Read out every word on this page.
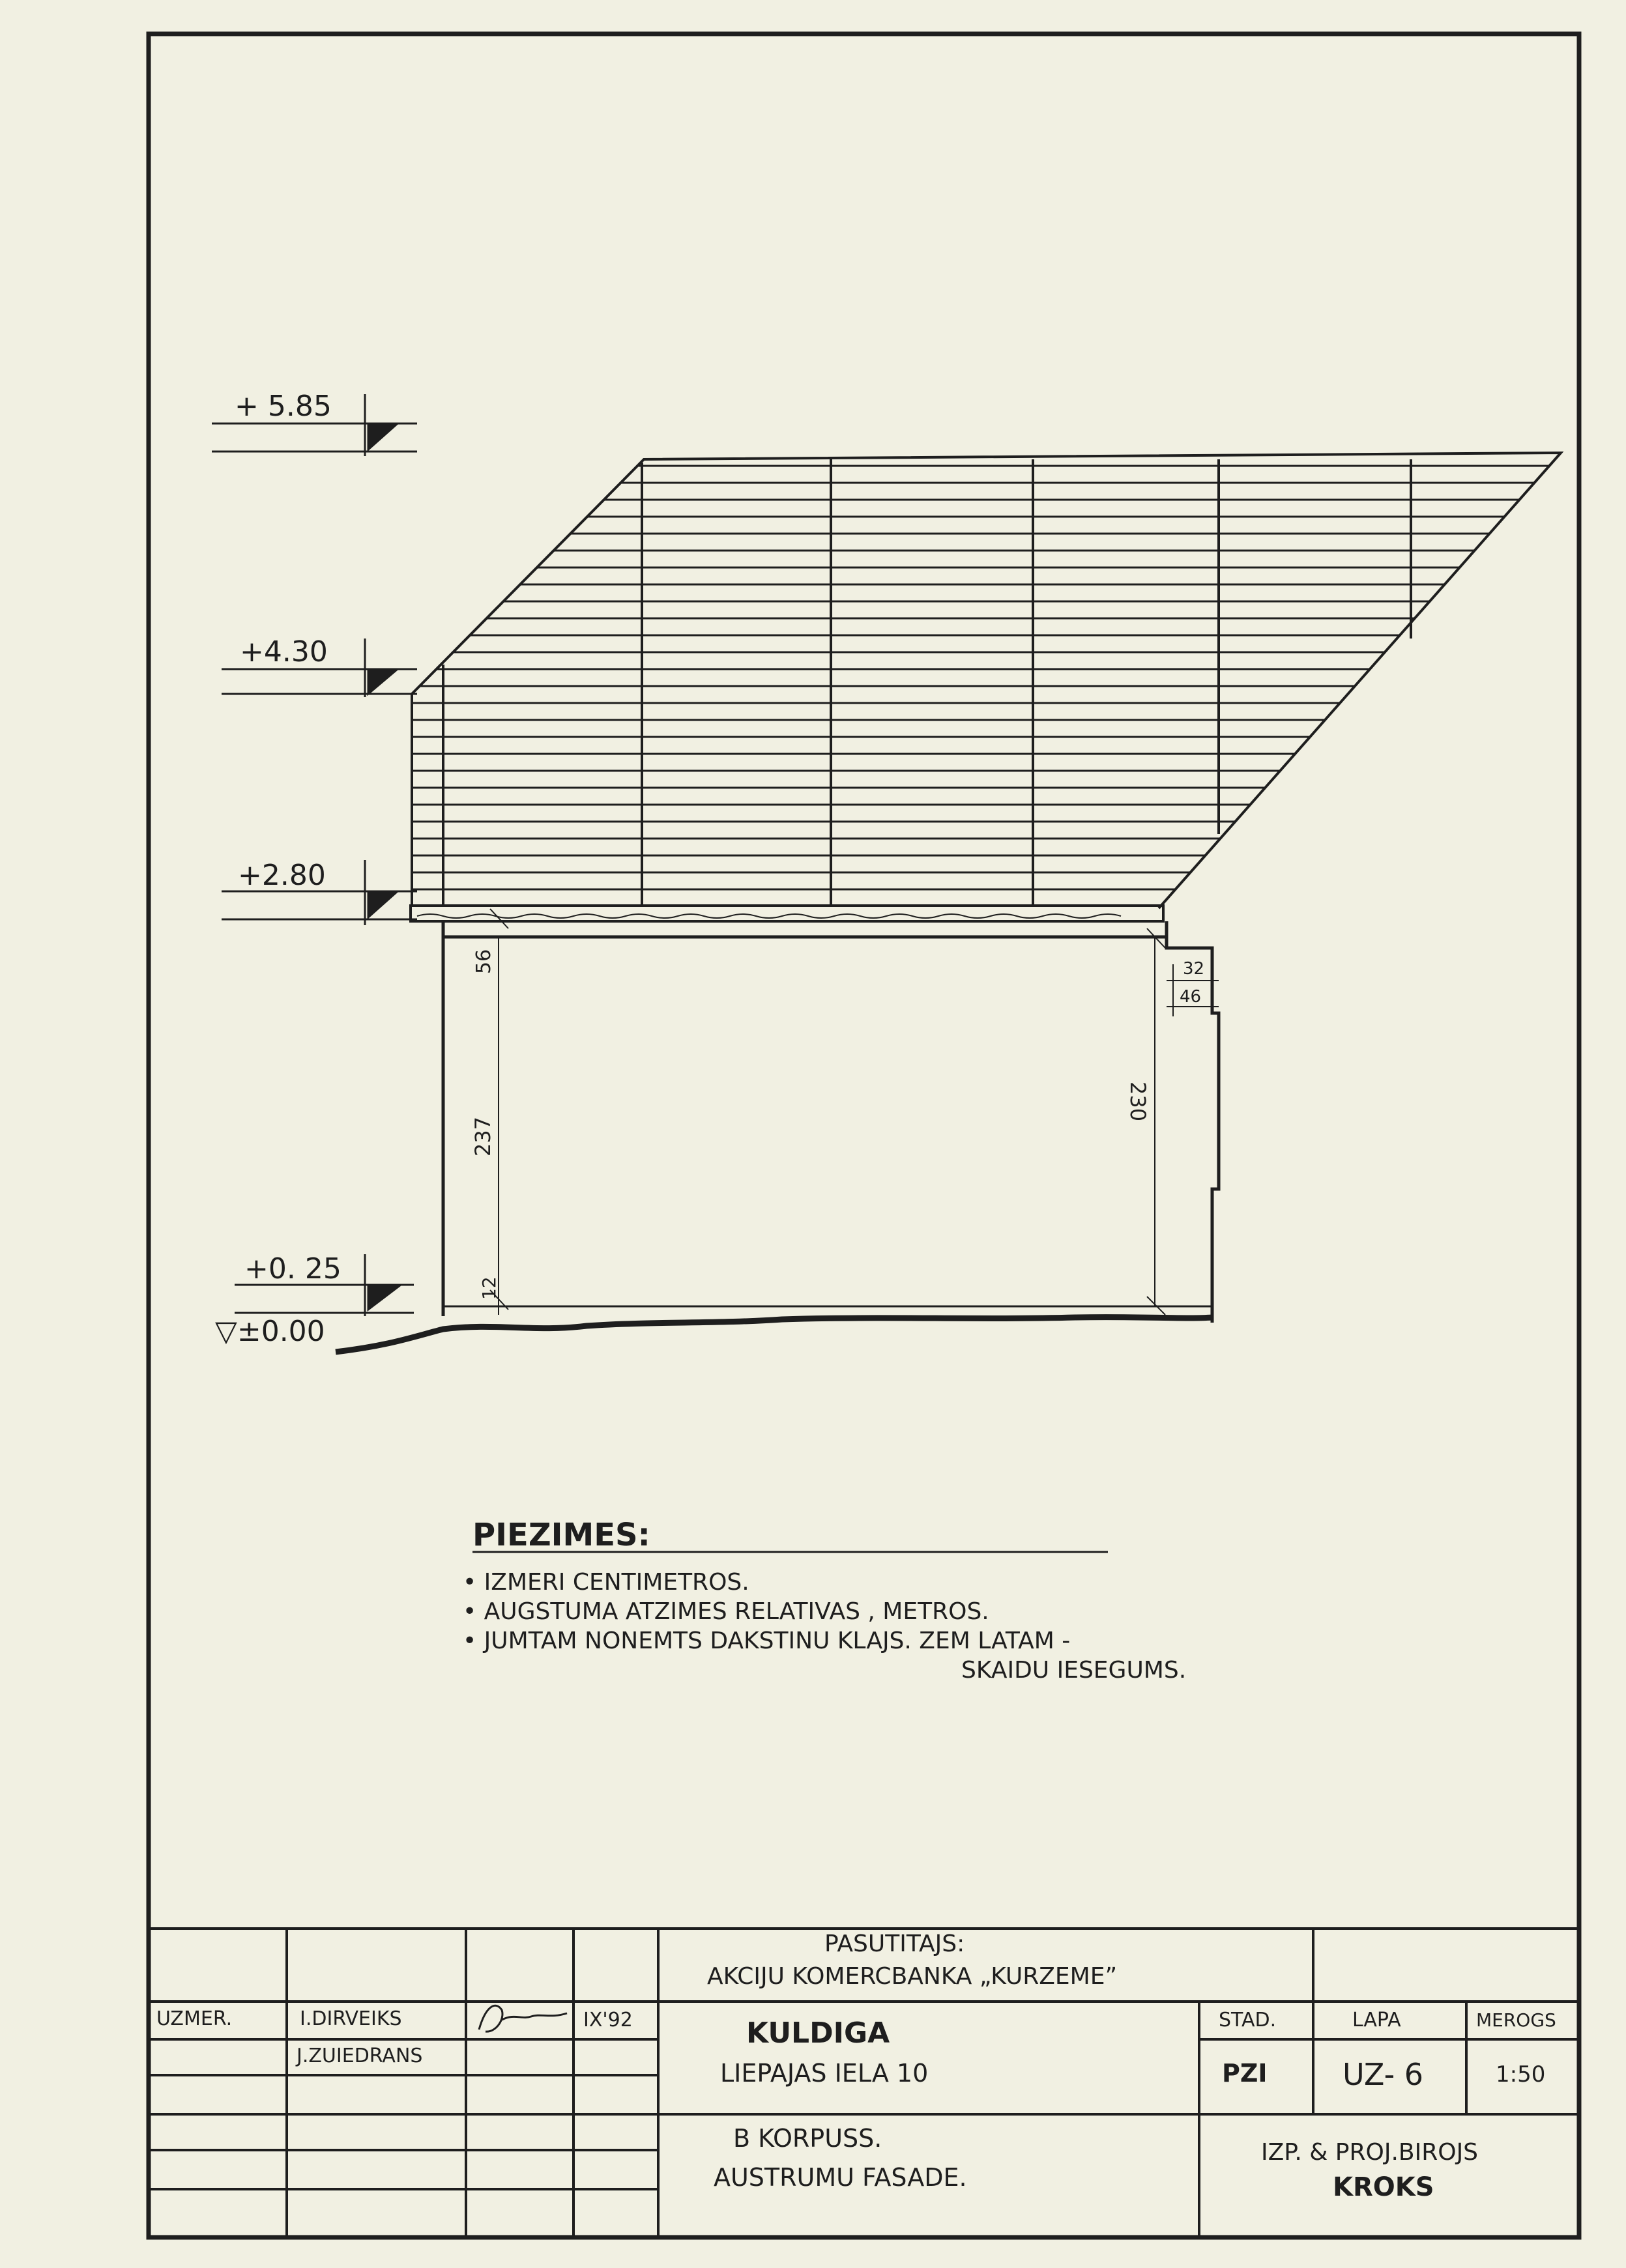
+ 5.85
+4.30
+2.80
+0. 25
▽±0.00
56
237
12
230
32
46
PIEZIMES:
• IZMERI CENTIMETROS.
• AUGSTUMA ATZIMES RELATIVAS , METROS.
• JUMTAM NONEMTS DAKSTINU KLAJS. ZEM LATAM -
SKAIDU IESEGUMS.
PASUTITAJS:
AKCIJU KOMERCBANKA „KURZEME”
UZMER.	I.DIRVEIKS
J.ZUIEDRANS
IX'92	KULDIGA
LIEPAJAS IELA 10
STAD.
PZI
LAPA
UZ- 6
MEROGS
1:50
B KORPUSS.
AUSTRUMU FASADE.
IZP. & PROJ.BIROJS
KROKS
